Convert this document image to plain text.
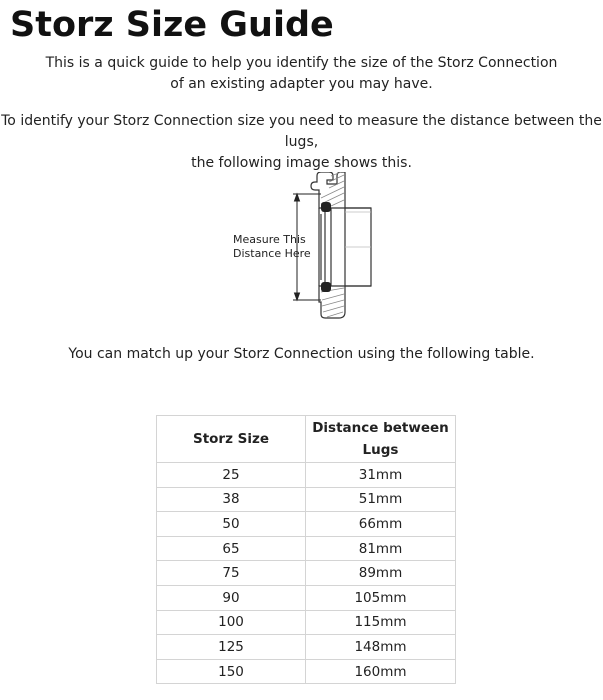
Storz Size Guide
This is a quick guide to help you identify the size of the Storz Connection
of an existing adapter you may have.
To identify your Storz Connection size you need to measure the distance between the lugs,
the following image shows this.
Measure This
Distance Here
You can match up your Storz Connection using the following table.
Storz Size	Distance between Lugs
25	31mm
38	51mm
50	66mm
65	81mm
75	89mm
90	105mm
100	115mm
125	148mm
150	160mm
